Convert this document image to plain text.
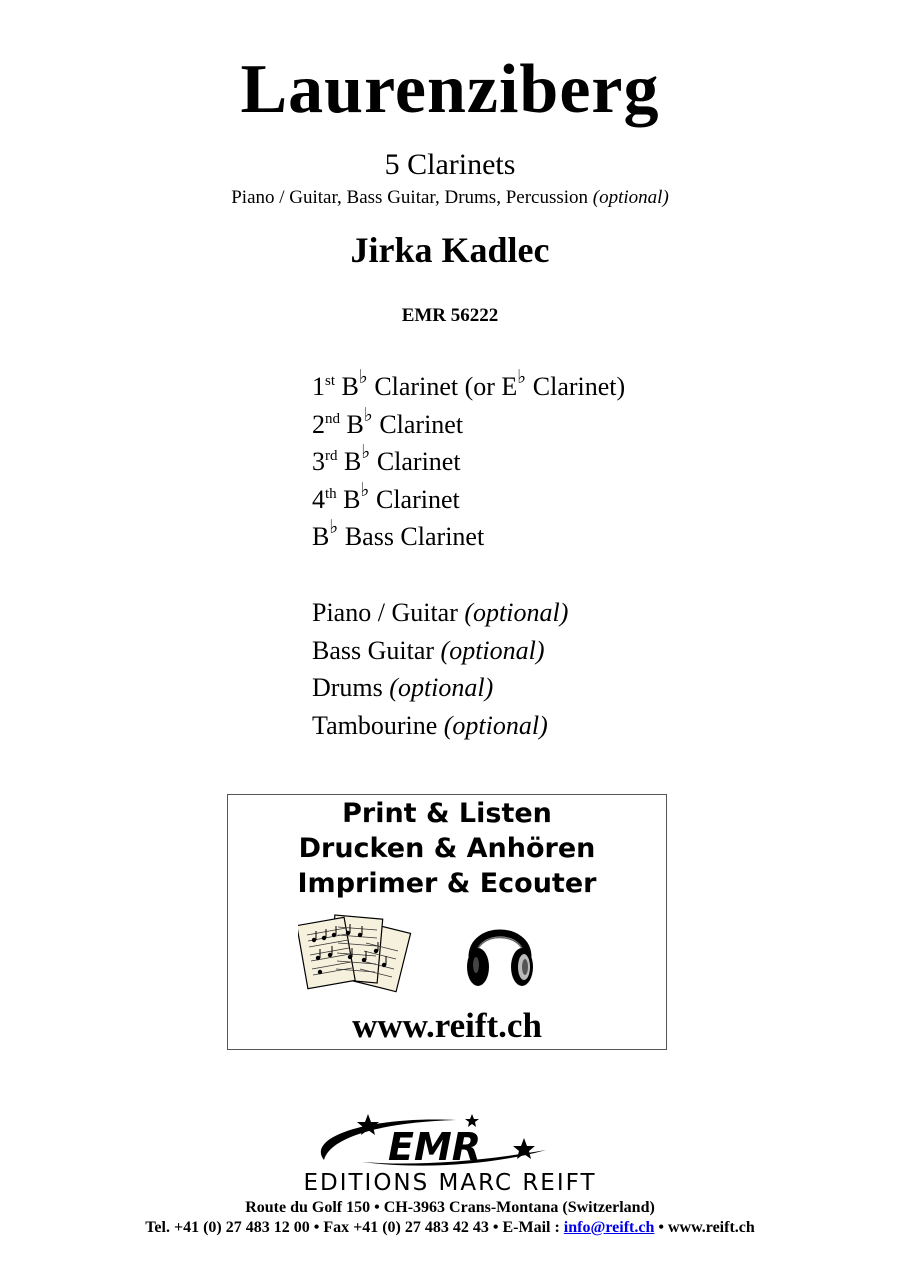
Laurenziberg
5 Clarinets
Piano / Guitar, Bass Guitar, Drums, Percussion (optional)
Jirka Kadlec
EMR 56222
1st B♭ Clarinet (or E♭ Clarinet)
2nd B♭ Clarinet
3rd B♭ Clarinet
4th B♭ Clarinet
B♭ Bass Clarinet
Piano / Guitar (optional)
Bass Guitar (optional)
Drums (optional)
Tambourine (optional)
Print & Listen
Drucken & Anhören
Imprimer & Ecouter
www.reift.ch
EMR
EDITIONS MARC REIFT
Route du Golf 150 • CH-3963 Crans-Montana (Switzerland)
Tel. +41 (0) 27 483 12 00 • Fax +41 (0) 27 483 42 43 • E-Mail : info@reift.ch • www.reift.ch
